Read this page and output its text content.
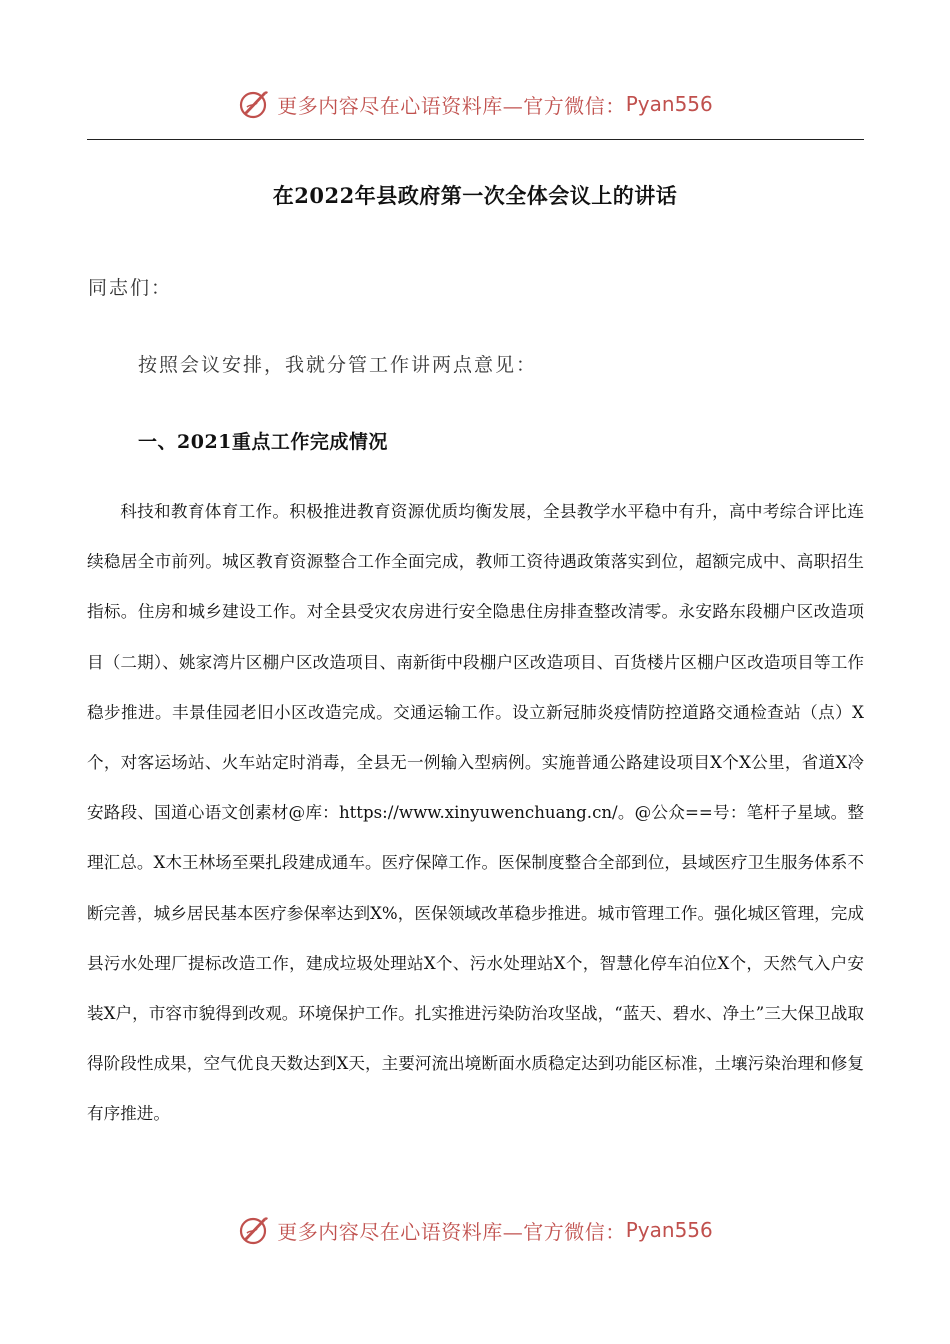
更多内容尽在心语资料库—官方微信： Pyan556
在2022年县政府第一次全体会议上的讲话
同志们：
按照会议安排，我就分管工作讲两点意见：
一、2021重点工作完成情况

科技和教育体育工作。积极推进教育资源优质均衡发展，全县教学水平稳中有升，高中考综合评比连续稳居全市前列。城区教育资源整合工作全面完成，教师工资待遇政策落实到位，超额完成中、高职招生指标。住房和城乡建设工作。对全县受灾农房进行安全隐患住房排查整改清零。永安路东段棚户区改造项目（二期）、姚家湾片区棚户区改造项目、南新街中段棚户区改造项目、百货楼片区棚户区改造项目等工作稳步推进。丰景佳园老旧小区改造完成。交通运输工作。设立新冠肺炎疫情防控道路交通检查站（点）X个，对客运场站、火车站定时消毒，全县无一例输入型病例。实施普通公路建设项目X个X公里，省道X冷安路段、国道心语文创素材@库：https://www.xinyuwenchuang.cn/。@公众==号：笔杆子星域。整理汇总。X木王林场至栗扎段建成通车。医疗保障工作。医保制度整合全部到位，县域医疗卫生服务体系不断完善，城乡居民基本医疗参保率达到X%，医保领域改革稳步推进。城市管理工作。强化城区管理，完成县污水处理厂提标改造工作，建成垃圾处理站X个、污水处理站X个，智慧化停车泊位X个，天然气入户安装X户，市容市貌得到改观。环境保护工作。扎实推进污染防治攻坚战，“蓝天、碧水、净土”三大保卫战取得阶段性成果，空气优良天数达到X天，主要河流出境断面水质稳定达到功能区标准，土壤污染治理和修复有序推进。

更多内容尽在心语资料库—官方微信： Pyan556
